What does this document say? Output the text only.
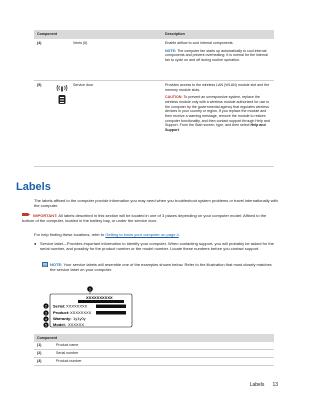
Component	Description
(4)	Vents (6)	Enable airflow to cool internal components.
NOTE: The computer fan starts up automatically to cool internal components and prevent overheating. It is normal for the internal fan to cycle on and off during routine operation.
(5)	Service door	Provides access to the wireless LAN (WLAN) module slot and the memory module slots.
CAUTION: To prevent an unresponsive system, replace the wireless module only with a wireless module authorized for use in the computer by the governmental agency that regulates wireless devices in your country or region. If you replace the module and then receive a warning message, remove the module to restore computer functionality, and then contact support through Help and Support. From the Start screen, type, and then select Help and Support.
Labels

The labels affixed to the computer provide information you may need when you troubleshoot system problems or travel internationally with the computer.

IMPORTANT: All labels described in this section will be located in one of 3 places depending on your computer model: Affixed to the bottom of the computer, located in the battery bay, or under the service door.

For help finding these locations, refer to Getting to know your computer on page 4.

● Service label—Provides important information to identify your computer. When contacting support, you will probably be asked for the serial number, and possibly for the product number or the model number. Locate these numbers before you contact support.
NOTE: Your service labels will resemble one of the examples shown below. Refer to the illustration that most closely matches the service label on your computer.
1
XXXXXXXXXX
2 Serial: XXXXXXXX
3 Product: XXXXXXXX
4 Warranty: 1y1y0y
5 Model: XXXXXX
Component
(1)	Product name
(2)	Serial number
(3)	Product number
Labels 13
